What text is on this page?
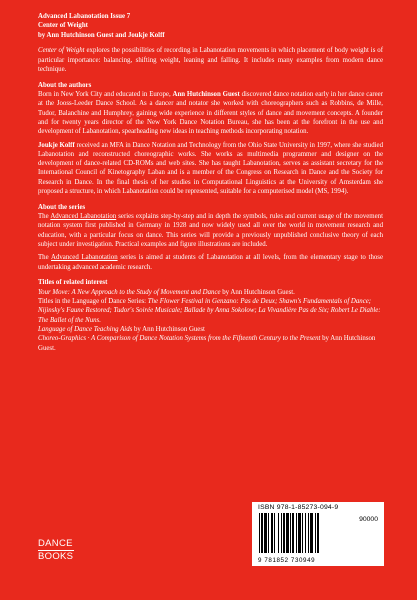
Advanced Labanotation Issue 7

Center of Weight

by Ann Hutchinson Guest and Joukje Kolff

Center of Weight explores the possibilities of recording in Labanotation movements in which placement of body weight is of particular importance: balancing, shifting weight, leaning and falling. It includes many examples from modern dance technique.

About the authors

Born in New York City and educated in Europe, Ann Hutchinson Guest discovered dance notation early in her dance career at the Jooss-Leeder Dance School. As a dancer and notator she worked with choreographers such as Robbins, de Mille, Tudor, Balanchine and Humphrey, gaining wide experience in different styles of dance and movement concepts. A founder and for twenty years director of the New York Dance Notation Bureau, she has been at the forefront in the use and development of Labanotation, spearheading new ideas in teaching methods incorporating notation.

Joukje Kolff received an MFA in Dance Notation and Technology from the Ohio State University in 1997, where she studied Labanotation and reconstructed choreographic works. She works as multimedia programmer and designer on the development of dance-related CD-ROMs and web sites. She has taught Labanotation, serves as assistant secretary for the International Council of Kinetography Laban and is a member of the Congress on Research in Dance and the Society for Research in Dance. In the final thesis of her studies in Computational Linguistics at the University of Amsterdam she proposed a structure, in which Labanotation could be represented, suitable for a computerised model (MS, 1994).

About the series

The Advanced Labanotation series explains step-by-step and in depth the symbols, rules and current usage of the movement notation system first published in Germany in 1928 and now widely used all over the world in movement research and education, with a particular focus on dance. This series will provide a previously unpublished conclusive theory of each subject under investigation. Practical examples and figure illustrations are included.

The Advanced Labanotation series is aimed at students of Labanotation at all levels, from the elementary stage to those undertaking advanced academic research.

Titles of related interest

Your Move: A New Approach to the Study of Movement and Dance by Ann Hutchinson Guest.

Titles in the Language of Dance Series: The Flower Festival in Genzano: Pas de Deux; Shawn's Fundamentals of Dance; Nijinsky's Faune Restored; Tudor's Soirée Musicale; Ballade by Anna Sokolow; La Vivandière Pas de Six; Robert Le Diable: The Ballet of the Nuns.

Language of Dance Teaching Aids by Ann Hutchinson Guest

Choreo-Graphics · A Comparison of Dance Notation Systems from the Fifteenth Century to the Present by Ann Hutchinson Guest.

DANCE
BOOKS
ISBN 978-1-85273-094-9
90000
9 781852 730949
